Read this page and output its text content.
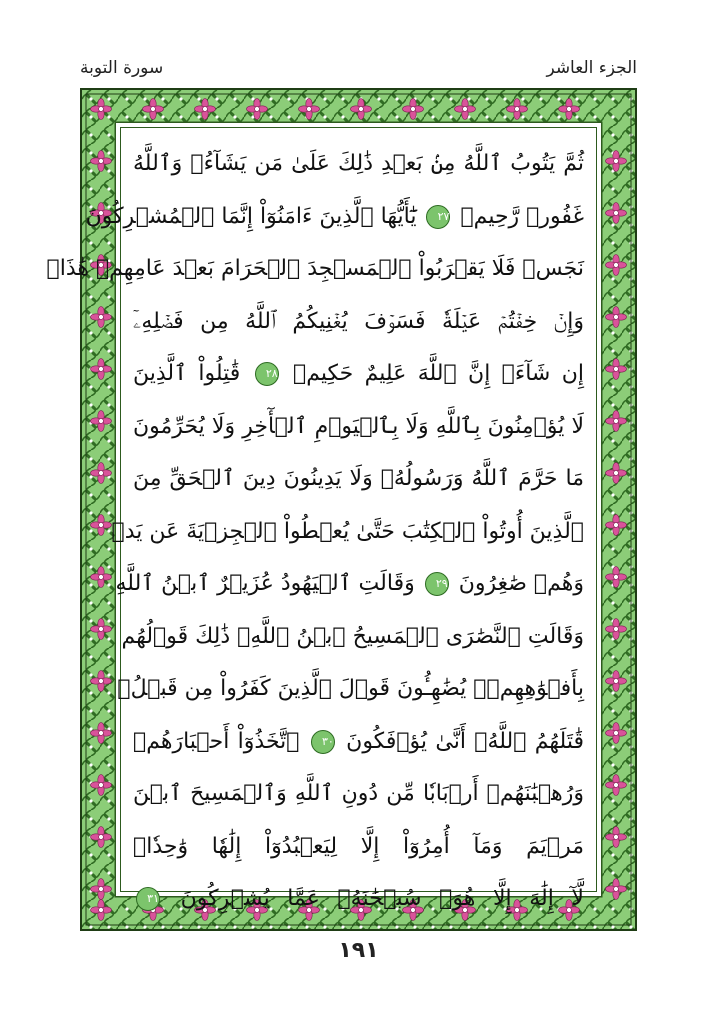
الجزء العاشر
سورة التوبة
ثُمَّ يَتُوبُ ٱللَّهُ مِنۢ بَعۡدِ ذَٰلِكَ عَلَىٰ مَن يَشَآءُۗ وَٱللَّهُ
غَفُورٞ رَّحِيمٞ ٢٧ يَٰٓأَيُّهَا ٱلَّذِينَ ءَامَنُوٓاْ إِنَّمَا ٱلۡمُشۡرِكُونَ
نَجَسٞ فَلَا يَقۡرَبُواْ ٱلۡمَسۡجِدَ ٱلۡحَرَامَ بَعۡدَ عَامِهِمۡ هَٰذَاۚ
وَإِنۡ خِفۡتُمۡ عَيۡلَةٗ فَسَوۡفَ يُغۡنِيكُمُ ٱللَّهُ مِن فَضۡلِهِۦٓ
إِن شَآءَۚ إِنَّ ٱللَّهَ عَلِيمٌ حَكِيمٞ ٢٨ قَٰتِلُواْ ٱلَّذِينَ
لَا يُؤۡمِنُونَ بِٱللَّهِ وَلَا بِٱلۡيَوۡمِ ٱلۡأٓخِرِ وَلَا يُحَرِّمُونَ
مَا حَرَّمَ ٱللَّهُ وَرَسُولُهُۥ وَلَا يَدِينُونَ دِينَ ٱلۡحَقِّ مِنَ
ٱلَّذِينَ أُوتُواْ ٱلۡكِتَٰبَ حَتَّىٰ يُعۡطُواْ ٱلۡجِزۡيَةَ عَن يَدٖ
وَهُمۡ صَٰغِرُونَ ٢٩ وَقَالَتِ ٱلۡيَهُودُ عُزَيۡرٌ ٱبۡنُ ٱللَّهِ
وَقَالَتِ ٱلنَّصَٰرَى ٱلۡمَسِيحُ ٱبۡنُ ٱللَّهِۖ ذَٰلِكَ قَوۡلُهُم
بِأَفۡوَٰهِهِمۡۖ يُضَٰهِـُٔونَ قَوۡلَ ٱلَّذِينَ كَفَرُواْ مِن قَبۡلُۚ
قَٰتَلَهُمُ ٱللَّهُۖ أَنَّىٰ يُؤۡفَكُونَ ٣٠ ٱتَّخَذُوٓاْ أَحۡبَارَهُمۡ
وَرُهۡبَٰنَهُمۡ أَرۡبَابٗا مِّن دُونِ ٱللَّهِ وَٱلۡمَسِيحَ ٱبۡنَ
مَرۡيَمَ وَمَآ أُمِرُوٓاْ إِلَّا لِيَعۡبُدُوٓاْ إِلَٰهٗا وَٰحِدٗاۖ
لَّآ إِلَٰهَ إِلَّا هُوَۚ سُبۡحَٰنَهُۥ عَمَّا يُشۡرِكُونَ ٣١
١٩١
